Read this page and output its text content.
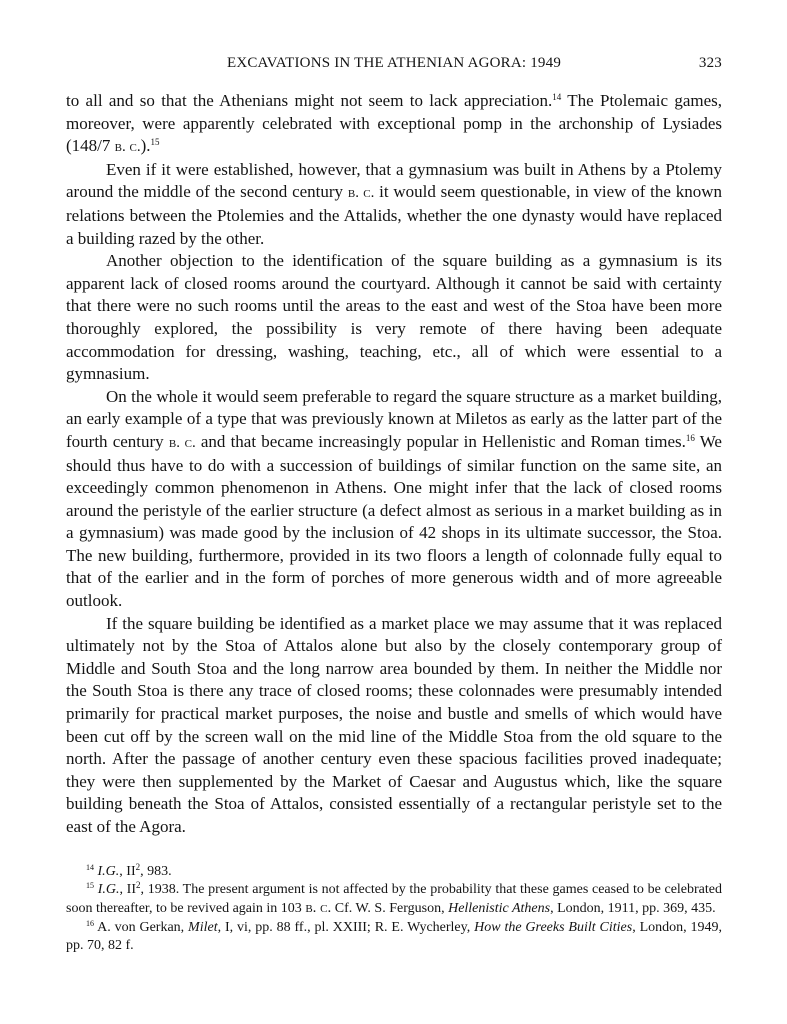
EXCAVATIONS IN THE ATHENIAN AGORA: 1949	323

to all and so that the Athenians might not seem to lack appreciation.$^{14}$ The Ptolemaic games, moreover, were apparently celebrated with exceptional pomp in the archonship of Lysiades (148/7 b. c.).$^{15}$

Even if it were established, however, that a gymnasium was built in Athens by a Ptolemy around the middle of the second century b. c. it would seem questionable, in view of the known relations between the Ptolemies and the Attalids, whether the one dynasty would have replaced a building razed by the other.

Another objection to the identification of the square building as a gymnasium is its apparent lack of closed rooms around the courtyard. Although it cannot be said with certainty that there were no such rooms until the areas to the east and west of the Stoa have been more thoroughly explored, the possibility is very remote of there having been adequate accommodation for dressing, washing, teaching, etc., all of which were essential to a gymnasium.

On the whole it would seem preferable to regard the square structure as a market building, an early example of a type that was previously known at Miletos as early as the latter part of the fourth century b. c. and that became increasingly popular in Hellenistic and Roman times.$^{16}$ We should thus have to do with a succession of buildings of similar function on the same site, an exceedingly common phenomenon in Athens. One might infer that the lack of closed rooms around the peristyle of the earlier structure (a defect almost as serious in a market building as in a gymnasium) was made good by the inclusion of 42 shops in its ultimate successor, the Stoa. The new building, furthermore, provided in its two floors a length of colonnade fully equal to that of the earlier and in the form of porches of more generous width and of more agreeable outlook.

If the square building be identified as a market place we may assume that it was replaced ultimately not by the Stoa of Attalos alone but also by the closely contemporary group of Middle and South Stoa and the long narrow area bounded by them. In neither the Middle nor the South Stoa is there any trace of closed rooms; these colonnades were presumably intended primarily for practical market purposes, the noise and bustle and smells of which would have been cut off by the screen wall on the mid line of the Middle Stoa from the old square to the north. After the passage of another century even these spacious facilities proved inadequate; they were then supplemented by the Market of Caesar and Augustus which, like the square building beneath the Stoa of Attalos, consisted essentially of a rectangular peristyle set to the east of the Agora.

$^{14}$ I.G., $II^2$, 983.

$^{15}$ I.G., $II^2$, 1938. The present argument is not affected by the probability that these games ceased to be celebrated soon thereafter, to be revived again in 103 b. c. Cf. W. S. Ferguson, Hellenistic Athens, London, 1911, pp. 369, 435.

$^{16}$ A. von Gerkan, Milet, I, vi, pp. 88 ff., pl. XXIII; R. E. Wycherley, How the Greeks Built Cities, London, 1949, pp. 70, 82 f.
